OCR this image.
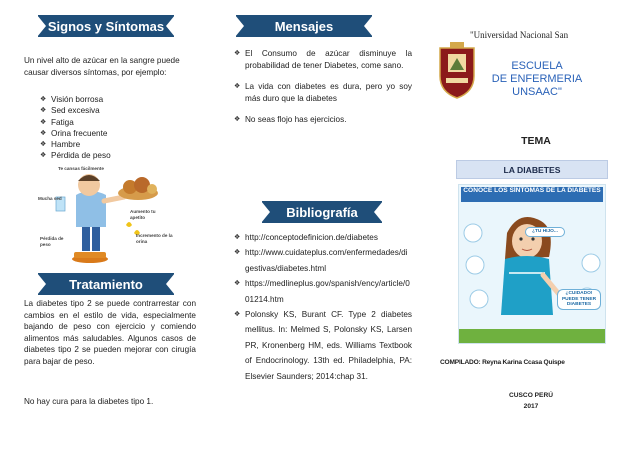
Signos y Síntomas

Un nivel alto de azúcar en la sangre puede causar diversos síntomas, por ejemplo:

❖ Visión borrosa
❖ Sed excesiva
❖ Fatiga
❖ Orina frecuente
❖ Hambre
❖ Pérdida de peso
Te cansas fácilmente
Mucha sed
Aumento tu apetito
Pérdida de peso
Incremento de la orina
Tratamiento

La diabetes tipo 2 se puede contrarrestar con cambios en el estilo de vida, especialmente bajando de peso con ejercicio y comiendo alimentos más saludables. Algunos casos de diabetes tipo 2 se pueden mejorar con cirugía para bajar de peso.

No hay cura para la diabetes tipo 1.

Mensajes
❖ El Consumo de azúcar disminuye la probabilidad de tener Diabetes, come sano.
❖ La vida con diabetes es dura, pero yo soy más duro que la diabetes
❖ No seas flojo has ejercicios.
Bibliografía
❖ http://conceptodefinicion.de/diabetes
❖ http://www.cuidateplus.com/enfermedades/digestivas/diabetes.html
❖ https://medlineplus.gov/spanish/ency/article/001214.htm
❖ Polonsky KS, Burant CF. Type 2 diabetes mellitus. In: Melmed S, Polonsky KS, Larsen PR, Kronenberg HM, eds. Williams Textbook of Endocrinology. 13th ed. Philadelphia, PA: Elsevier Saunders; 2014:chap 31.
"Universidad Nacional San
ESCUELA
DE ENFERMERIA
UNSAAC"
TEMA
LA DIABETES
CONOCE LOS SÍNTOMAS DE LA DIABETES
¿TU HIJO...
¿CUIDADO! PUEDE TENER DIABETES
COMPILADO: Reyna Karina Ccasa Quispe
CUSCO PERÚ
2017
